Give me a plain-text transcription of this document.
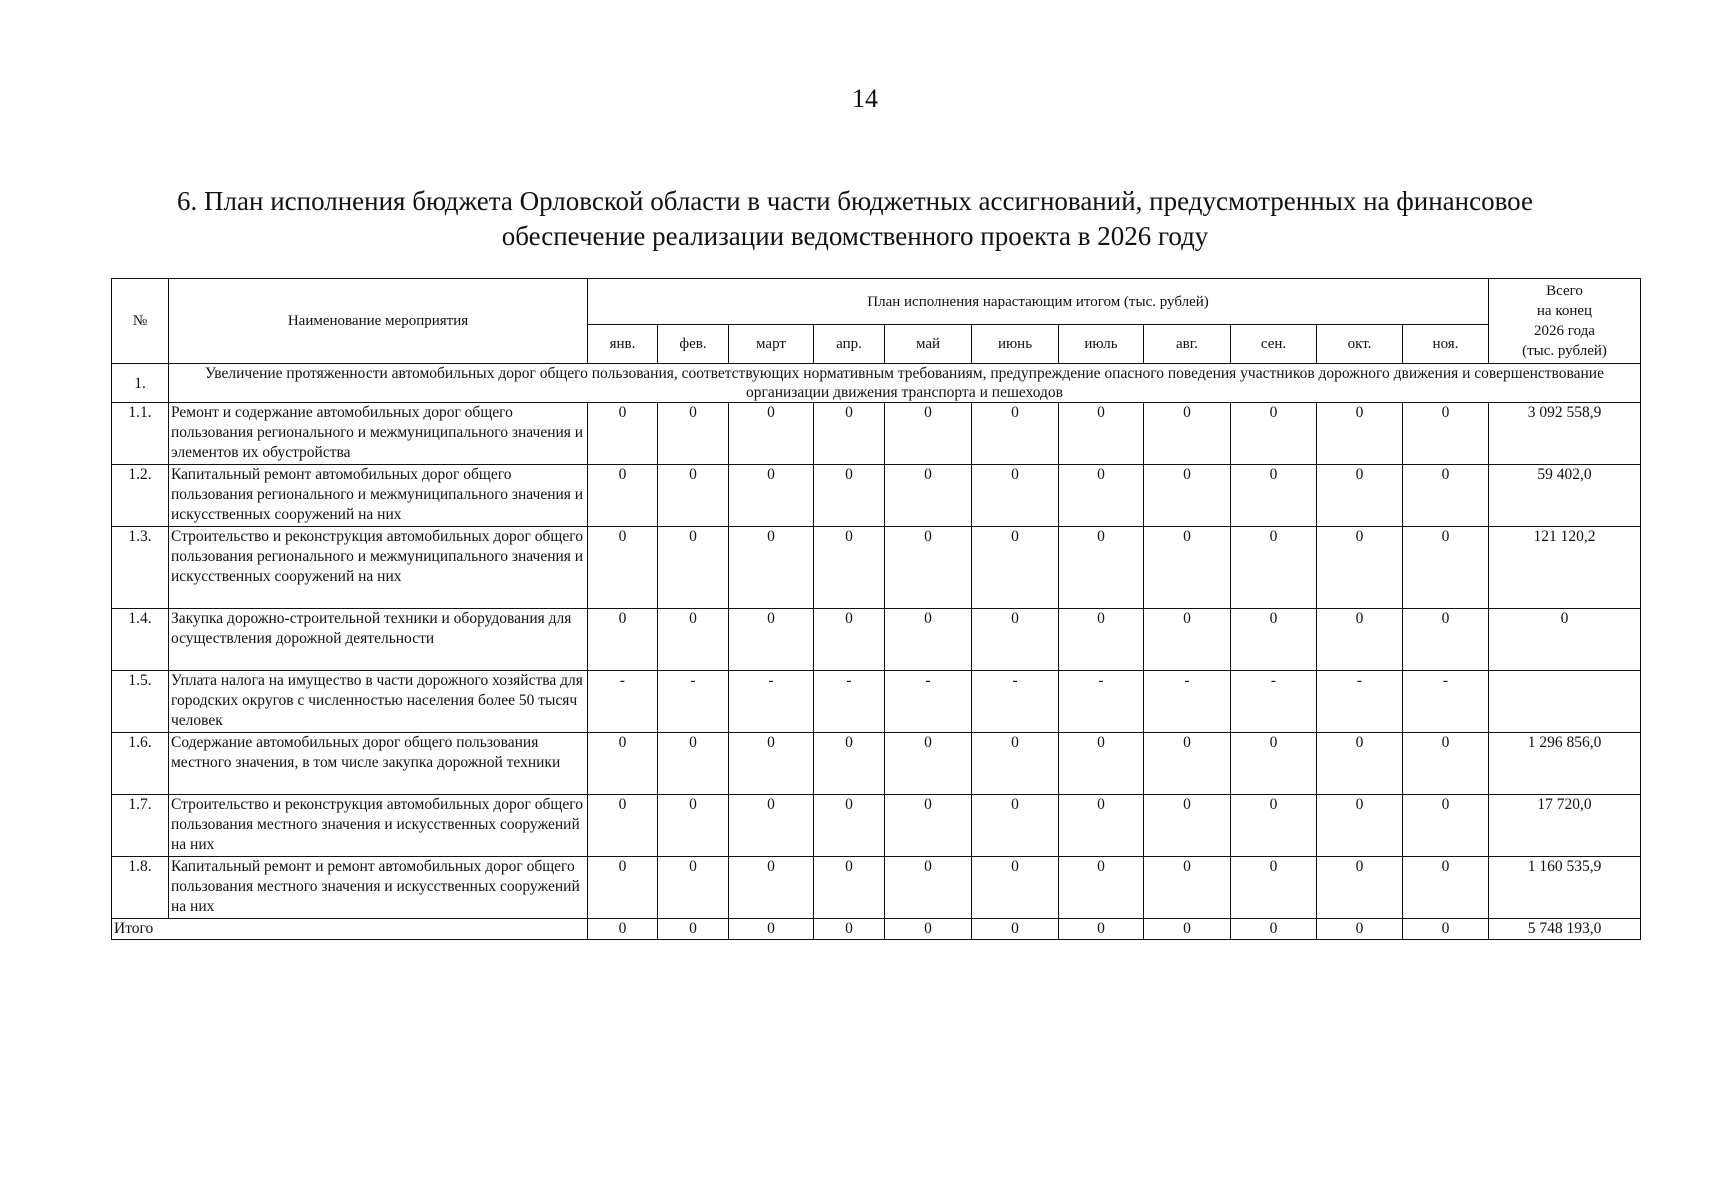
14
6. План исполнения бюджета Орловской области в части бюджетных ассигнований, предусмотренных на финансовое
обеспечение реализации ведомственного проекта в 2026 году
№	Наименование мероприятия	План исполнения нарастающим итогом (тыс. рублей)											Всего
на конец
2026 года
(тыс. рублей)

		янв.	фев.	март	апр.	май	июнь	июль	авг.	сен.	окт.	ноя.	
1.	Увеличение протяженности автомобильных дорог общего пользования, соответствующих нормативным требованиям, предупреждение опасного поведения участников дорожного движения и совершенствование организации движения транспорта и пешеходов												
1.1.	Ремонт и содержание автомобильных дорог общего пользования регионального и межмуниципального значения и элементов их обустройства	0	0	0	0	0	0	0	0	0	0	0	3 092 558,9
1.2.	Капитальный ремонт автомобильных дорог общего пользования регионального и межмуниципального значения и искусственных сооружений на них	0	0	0	0	0	0	0	0	0	0	0	59 402,0
1.3.	Строительство и реконструкция автомобильных дорог общего пользования регионального и межмуниципального значения и искусственных сооружений на них	0	0	0	0	0	0	0	0	0	0	0	121 120,2
1.4.	Закупка дорожно-строительной техники и оборудования для осуществления дорожной деятельности	0	0	0	0	0	0	0	0	0	0	0	0
1.5.	Уплата налога на имущество в части дорожного хозяйства для городских округов с численностью населения более 50 тысяч человек	-	-	-	-	-	-	-	-	-	-	-	
1.6.	Содержание автомобильных дорог общего пользования местного значения, в том числе закупка дорожной техники	0	0	0	0	0	0	0	0	0	0	0	1 296 856,0
1.7.	Строительство и реконструкция автомобильных дорог общего пользования местного значения и искусственных сооружений на них	0	0	0	0	0	0	0	0	0	0	0	17 720,0
1.8.	Капитальный ремонт и ремонт автомобильных дорог общего пользования местного значения и искусственных сооружений на них	0	0	0	0	0	0	0	0	0	0	0	1 160 535,9
Итого		0	0	0	0	0	0	0	0	0	0	0	5 748 193,0
